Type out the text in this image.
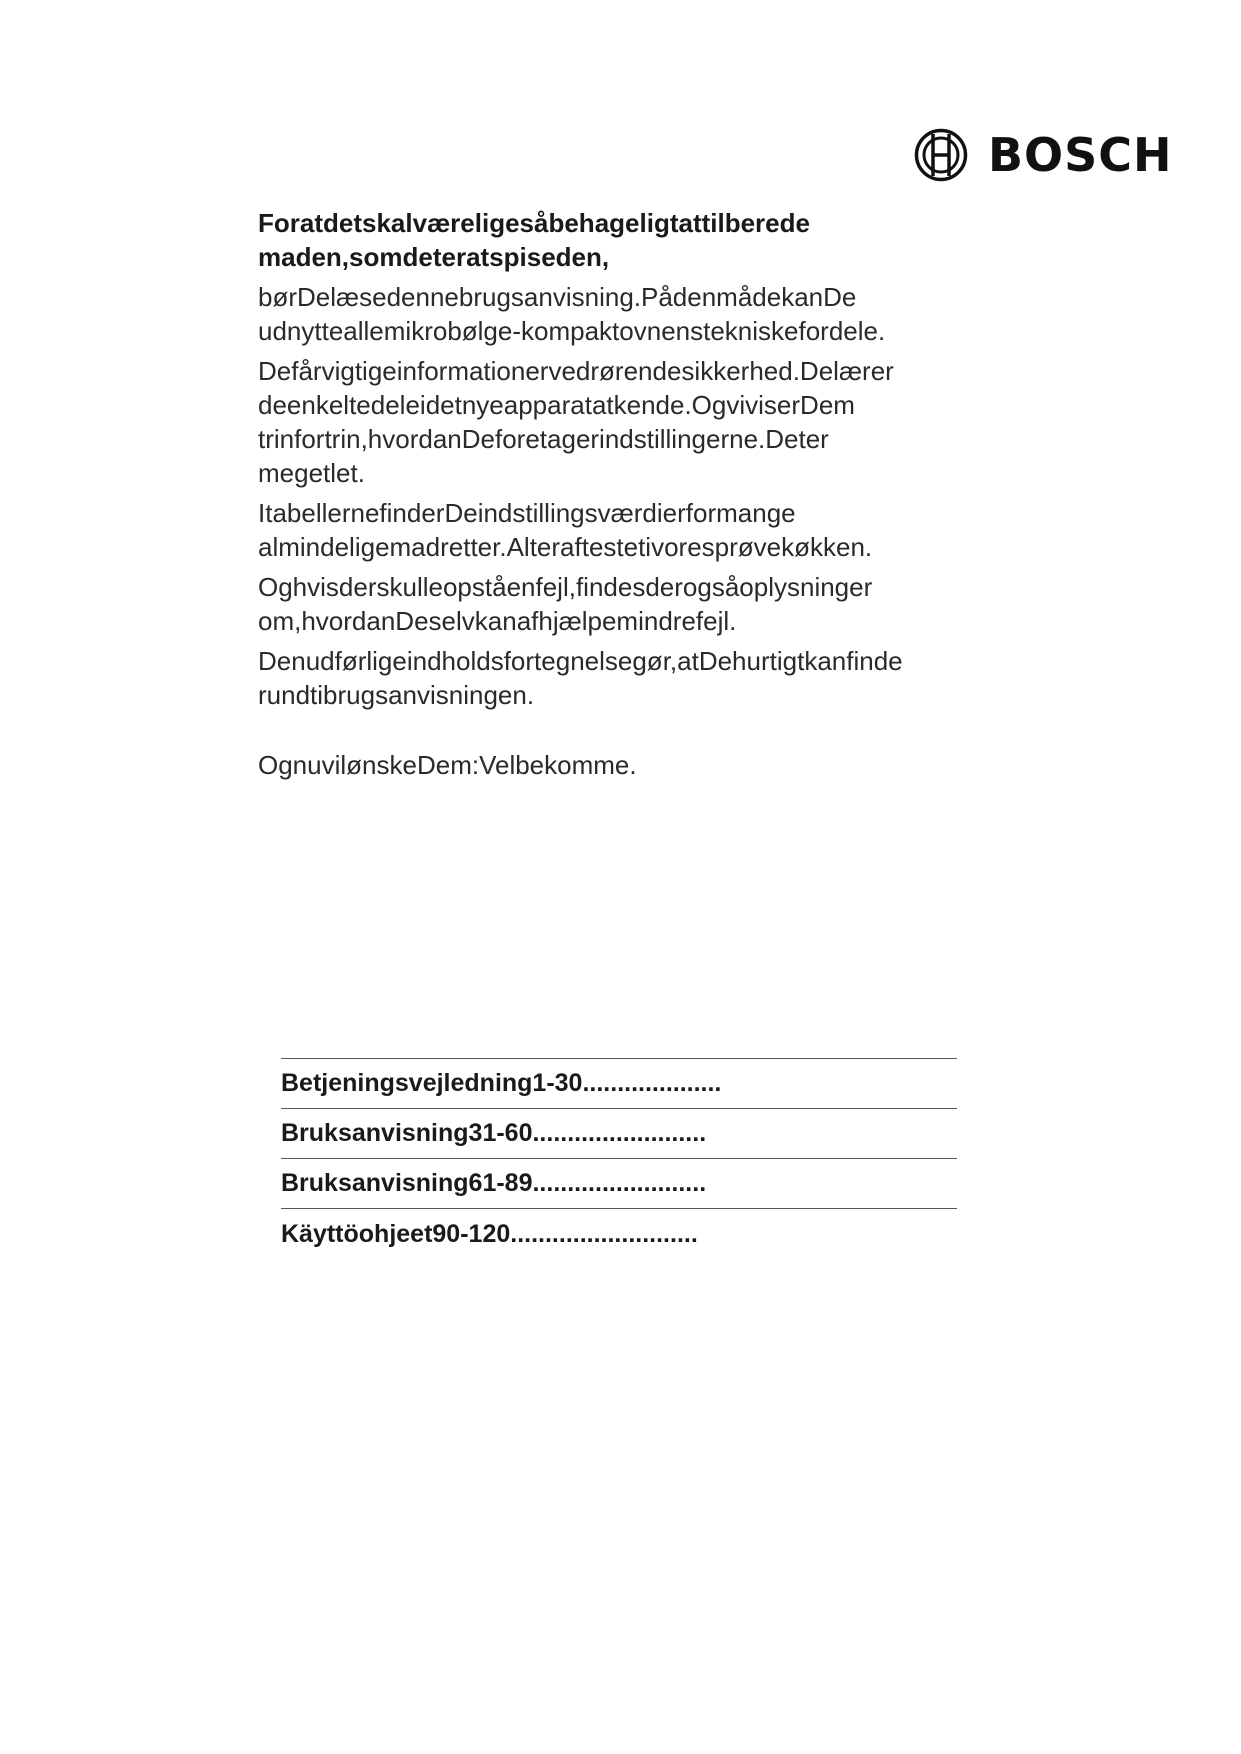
BOSCH
Foratdetskalværeligesåbehageligtattilberede
maden,somdeteratspiseden,
børDelæsedennebrugsanvisning.PådenmådekanDe
udnytteallemikrobølge-kompaktovnenstekniskefordele.
Defårvigtigeinformationervedrørendesikkerhed.Delærer
deenkeltedeleidetnyeapparatatkende.OgviviserDem
trinfortrin,hvordanDeforetagerindstillingerne.Deter
megetlet.
ItabellernefinderDeindstillingsværdierformange
almindeligemadretter.Alteraftestetivoresprøvekøkken.
Oghvisderskulleopståenfejl,findesderogsåoplysninger
om,hvordanDeselvkanafhjælpemindrefejl.
Denudførligeindholdsfortegnelsegør,atDehurtigtkanfinde
rundtibrugsanvisningen.
OgnuvilønskeDem:Velbekomme.
Betjeningsvejledning1-30....................
Bruksanvisning31-60.........................
Bruksanvisning61-89.........................
Käyttöohjeet90-120...........................
